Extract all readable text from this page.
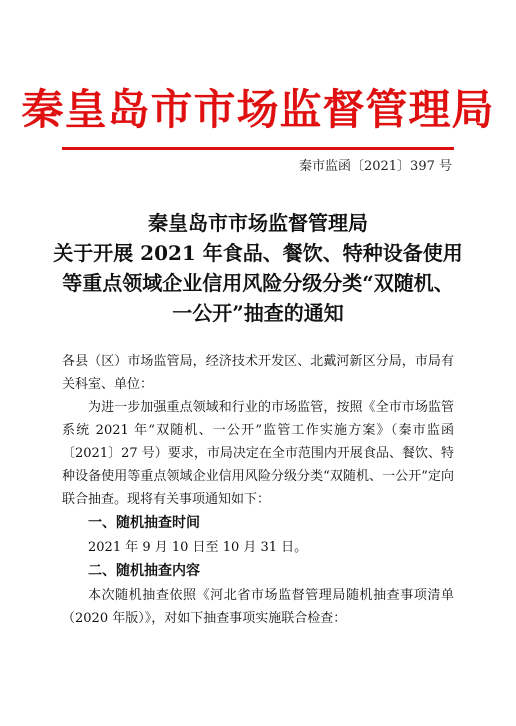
秦皇岛市市场监督管理局
秦市监函〔2021〕397 号
秦皇岛市市场监督管理局
关于开展 2021 年食品、餐饮、特种设备使用
等重点领域企业信用风险分级分类“双随机、
一公开”抽查的通知

各县（区）市场监管局，经济技术开发区、北戴河新区分局，市局有关科室、单位：

为进一步加强重点领域和行业的市场监管，按照《全市市场监管系统 2021 年“双随机、一公开”监管工作实施方案》（秦市监函〔2021〕27 号）要求，市局决定在全市范围内开展食品、餐饮、特种设备使用等重点领域企业信用风险分级分类“双随机、一公开”定向联合抽查。现将有关事项通知如下：

一、随机抽查时间

2021 年 9 月 10 日至 10 月 31 日。

二、随机抽查内容

本次随机抽查依照《河北省市场监督管理局随机抽查事项清单（2020 年版）》，对如下抽查事项实施联合检查：
